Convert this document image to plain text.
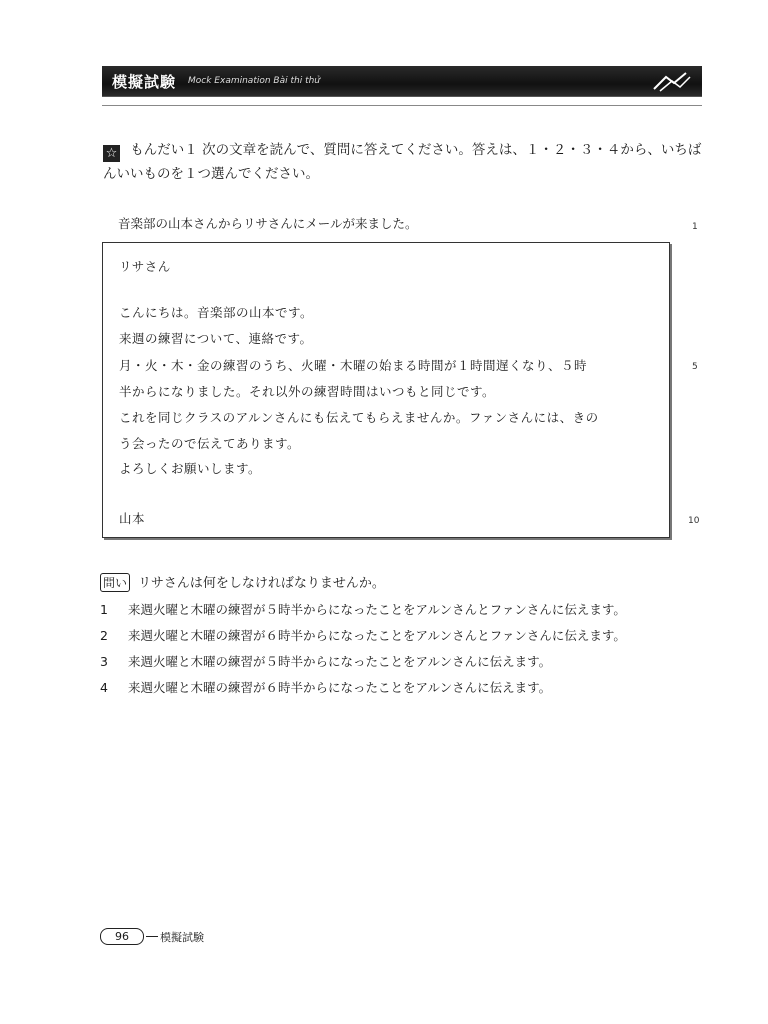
模擬試験 Mock Examination Bài thi thử
☆ もんだい１ 次の文章を読んで、質問に答えてください。答えは、１・２・３・４から、いちばんいいものを１つ選んでください。
音楽部の山本さんからリサさんにメールが来ました。	1
5
10
リサさん
こんにちは。音楽部の山本です。
来週の練習について、連絡です。
月・火・木・金の練習のうち、火曜・木曜の始まる時間が１時間遅くなり、５時
半からになりました。それ以外の練習時間はいつもと同じです。
これを同じクラスのアルンさんにも伝えてもらえませんか。ファンさんには、きの
う会ったので伝えてあります。
よろしくお願いします。
山本
問い リサさんは何をしなければなりませんか。
1 来週火曜と木曜の練習が５時半からになったことをアルンさんとファンさんに伝えます。
2 来週火曜と木曜の練習が６時半からになったことをアルンさんとファンさんに伝えます。
3 来週火曜と木曜の練習が５時半からになったことをアルンさんに伝えます。
4 来週火曜と木曜の練習が６時半からになったことをアルンさんに伝えます。
96	模擬試験
